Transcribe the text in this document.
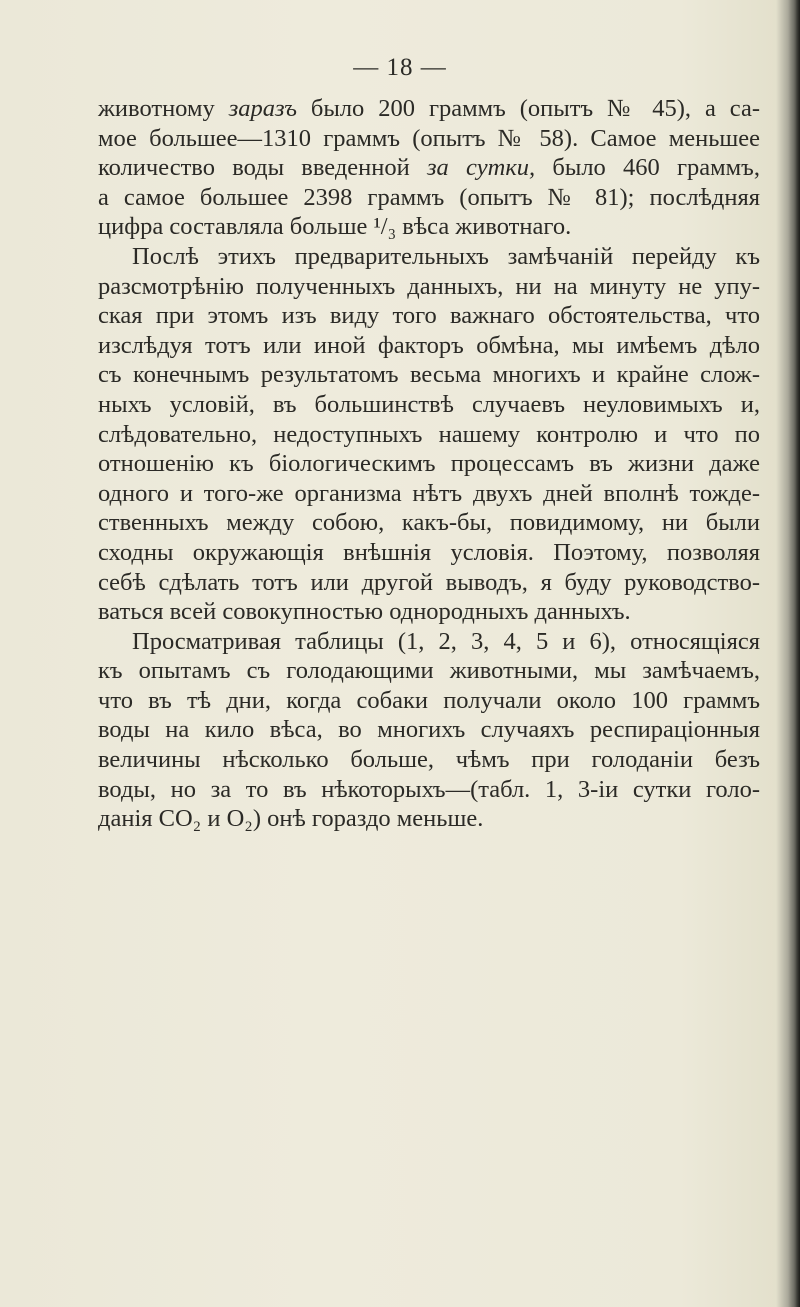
— 18 —
животному заразъ было 200 граммъ (опытъ № 45), а са-
мое большее—1310 граммъ (опытъ № 58). Самое меньшее
количество воды введенной за сутки, было 460 граммъ,
а самое большее 2398 граммъ (опытъ № 81); послѣдняя
цифра составляла больше ¹/₃ вѣса животнаго.
Послѣ этихъ предварительныхъ замѣчаній перейду къ
разсмотрѣнію полученныхъ данныхъ, ни на минуту не упу-
ская при этомъ изъ виду того важнаго обстоятельства, что
изслѣдуя тотъ или иной факторъ обмѣна, мы имѣемъ дѣло
съ конечнымъ результатомъ весьма многихъ и крайне слож-
ныхъ условій, въ большинствѣ случаевъ неуловимыхъ и,
слѣдовательно, недоступныхъ нашему контролю и что по
отношенію къ біологическимъ процессамъ въ жизни даже
одного и того-же организма нѣтъ двухъ дней вполнѣ тожде-
ственныхъ между собою, какъ-бы, повидимому, ни были
сходны окружающія внѣшнія условія. Поэтому, позволяя
себѣ сдѣлать тотъ или другой выводъ, я буду руководство-
ваться всей совокупностью однородныхъ данныхъ.
Просматривая таблицы (1, 2, 3, 4, 5 и 6), относящіяся
къ опытамъ съ голодающими животными, мы замѣчаемъ,
что въ тѣ дни, когда собаки получали около 100 граммъ
воды на кило вѣса, во многихъ случаяхъ респираціонныя
величины нѣсколько больше, чѣмъ при голоданіи безъ
воды, но за то въ нѣкоторыхъ—(табл. 1, 3-іи сутки голо-
данія CO₂ и O₂) онѣ гораздо меньше.
